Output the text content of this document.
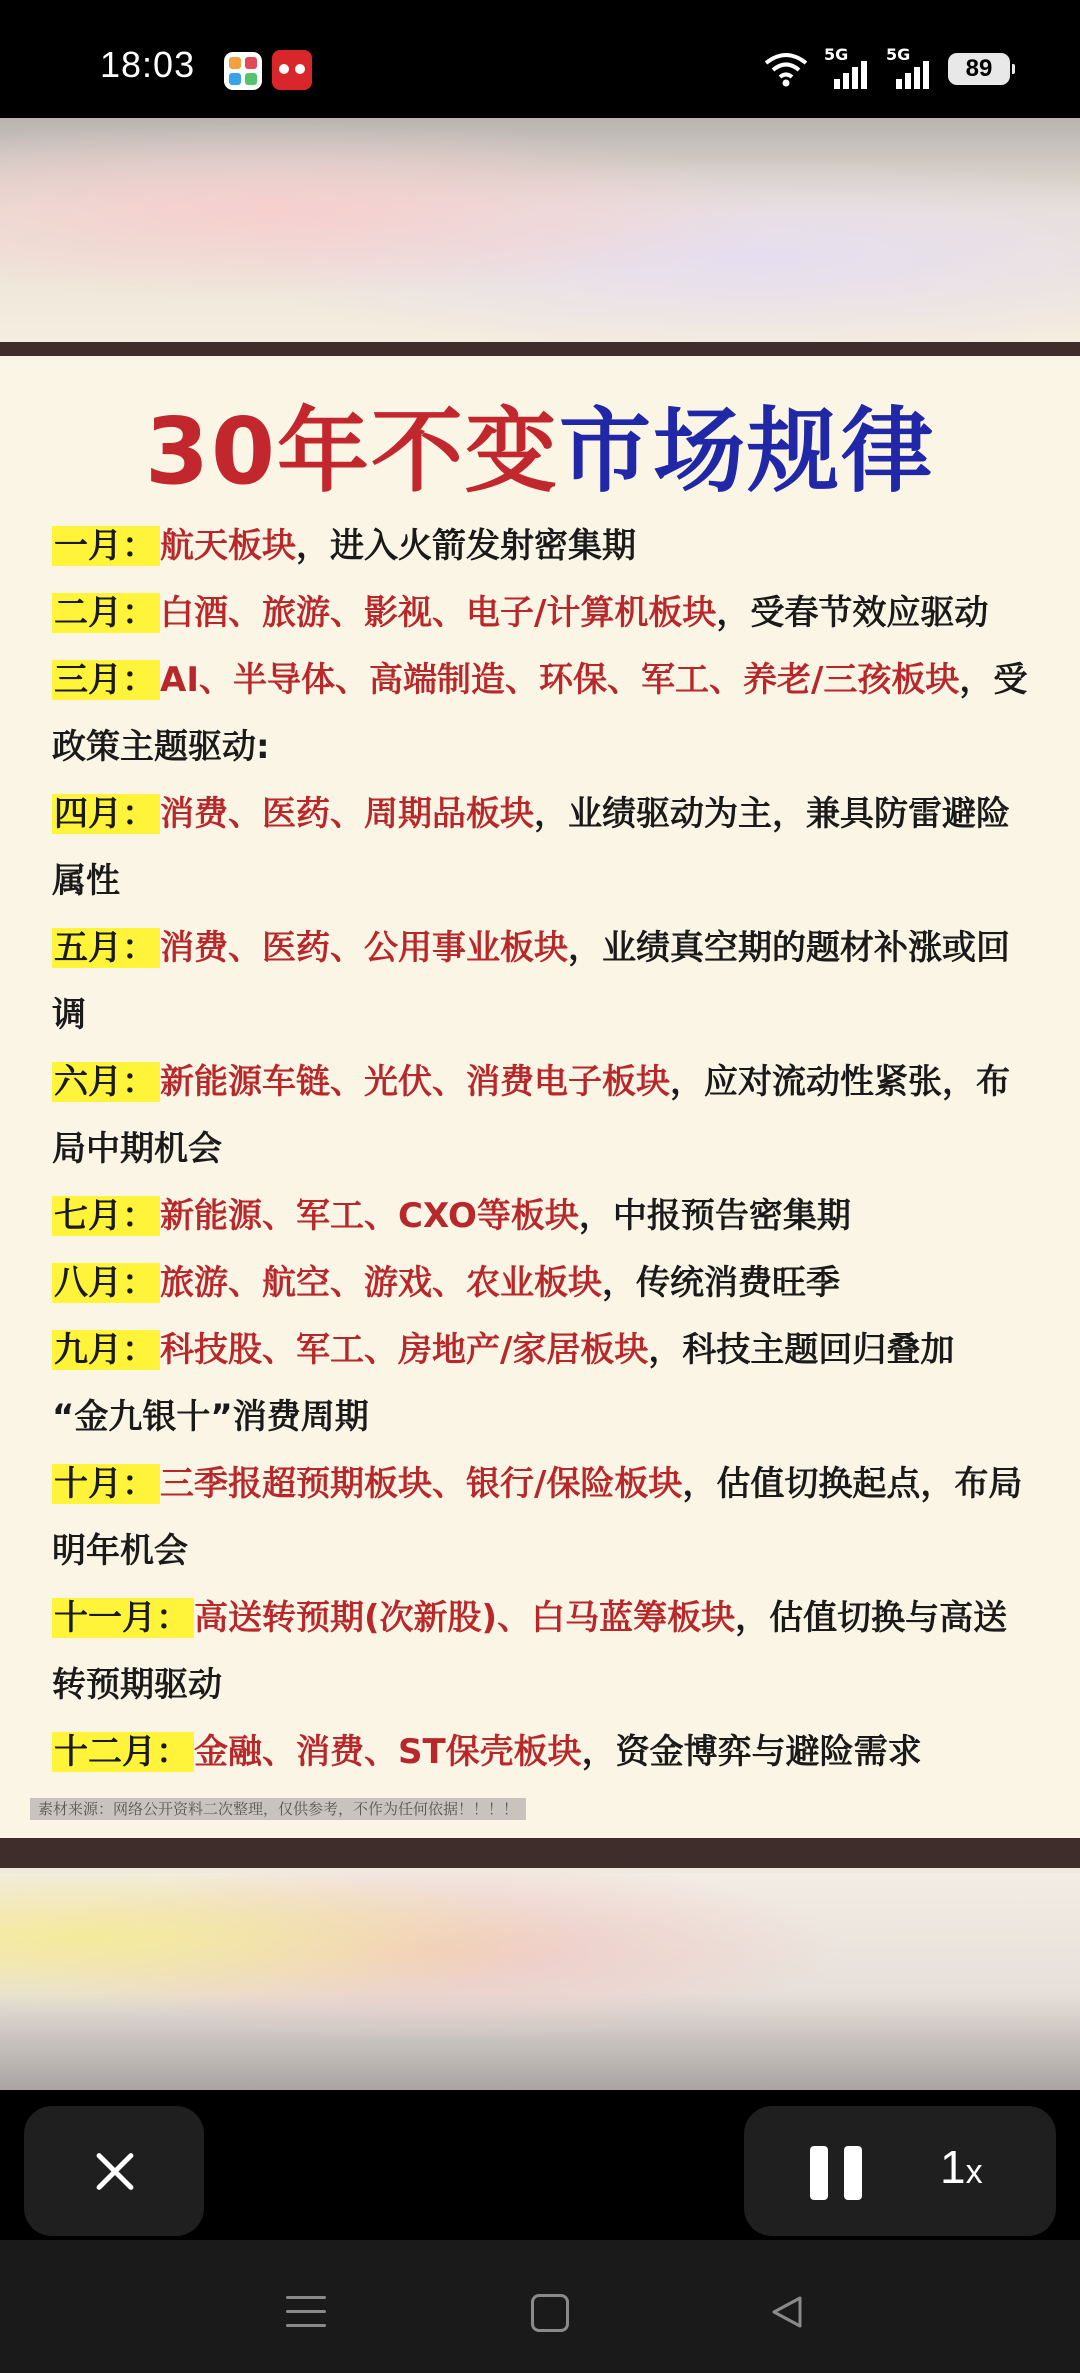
18:03	5G 5G
89
30年不变市场规律
一月： 航天板块，进入火箭发射密集期
二月： 白酒、旅游、影视、电子/计算机板块，受春节效应驱动
三月： AI、半导体、高端制造、环保、军工、养老/三孩板块，受
政策主题驱动:
四月： 消费、医药、周期品板块，业绩驱动为主，兼具防雷避险
属性
五月： 消费、医药、公用事业板块，业绩真空期的题材补涨或回
调
六月： 新能源车链、光伏、消费电子板块，应对流动性紧张，布
局中期机会
七月： 新能源、军工、CXO等板块，中报预告密集期
八月： 旅游、航空、游戏、农业板块，传统消费旺季
九月： 科技股、军工、房地产/家居板块，科技主题回归叠加
“金九银十”消费周期
十月： 三季报超预期板块、银行/保险板块，估值切换起点，布局
明年机会
十一月： 高送转预期(次新股)、白马蓝筹板块，估值切换与高送
转预期驱动
十二月： 金融、消费、ST保壳板块，资金博弈与避险需求
素材来源：网络公开资料二次整理，仅供参考，不作为任何依据！！！！
1x
